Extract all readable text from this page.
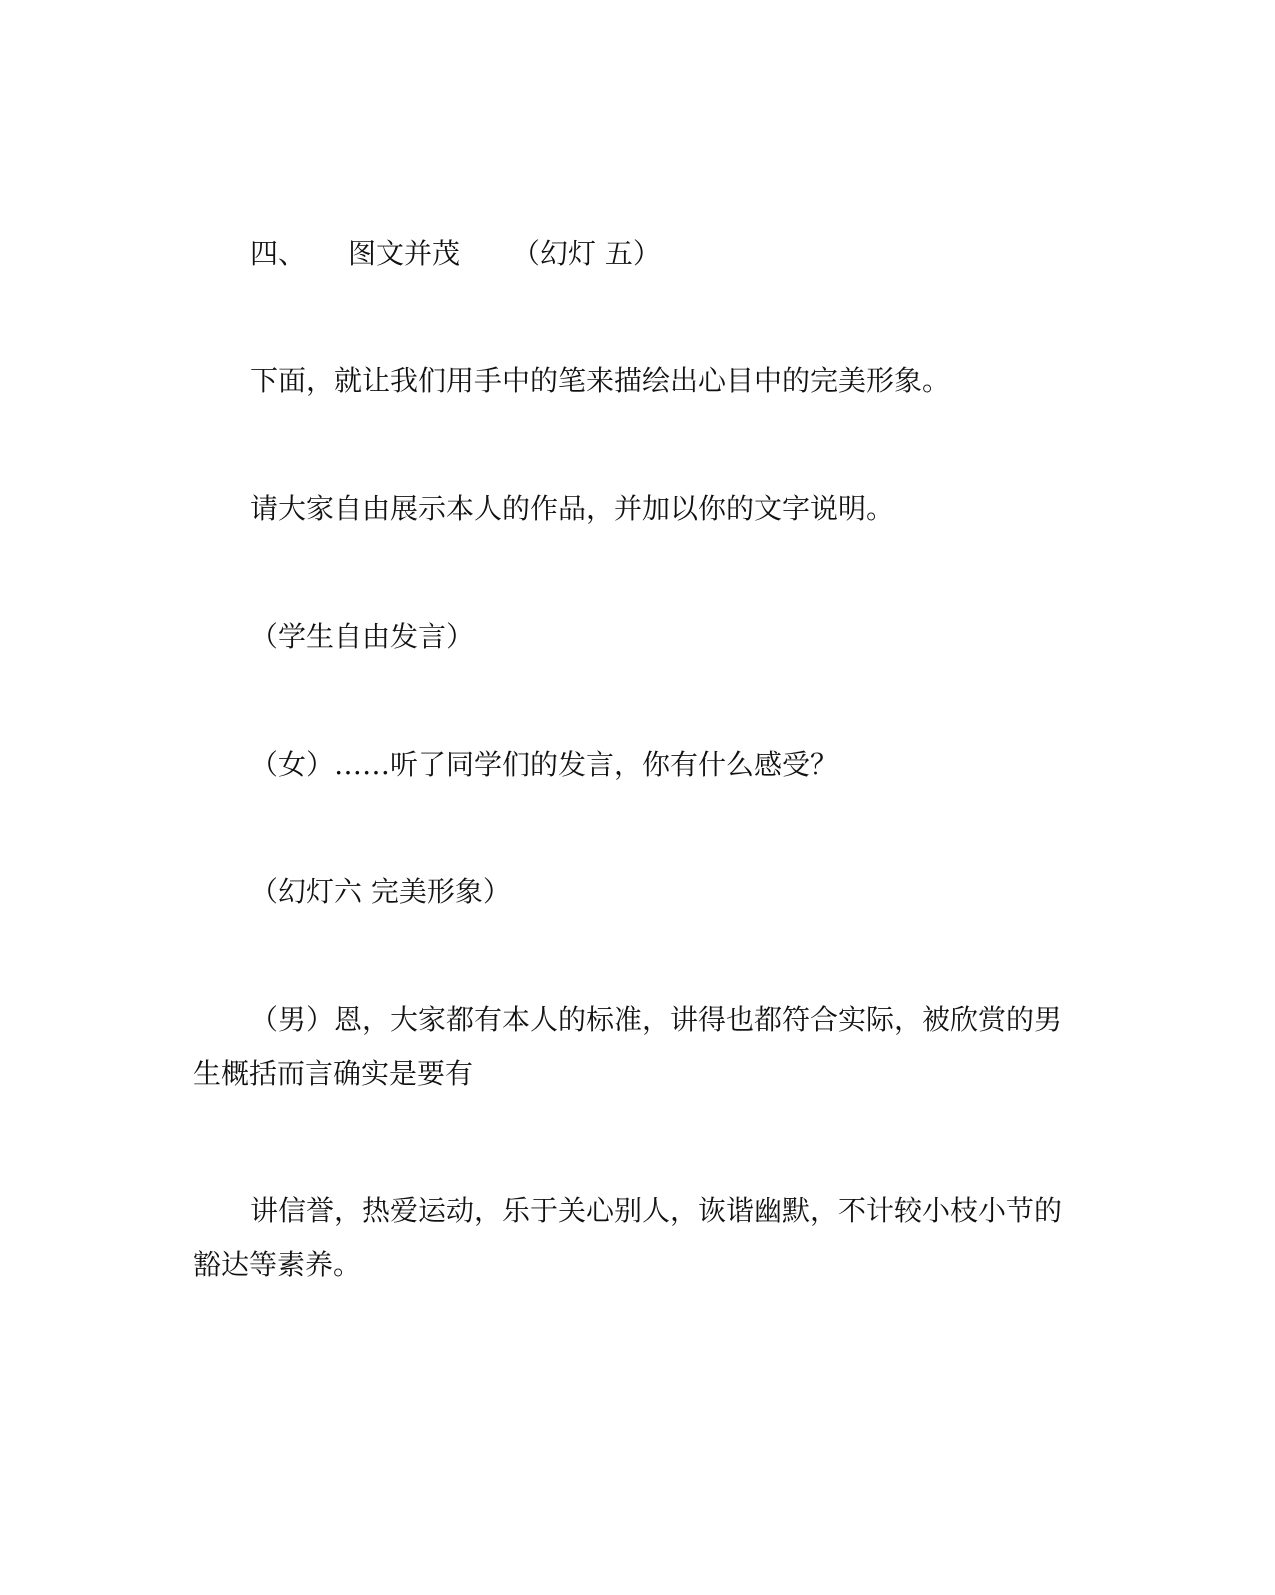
四、 图文并茂 （幻灯 五）
下面，就让我们用手中的笔来描绘出心目中的完美形象。
请大家自由展示本人的作品，并加以你的文字说明。
（学生自由发言）
（女）……听了同学们的发言，你有什么感受？
（幻灯六 完美形象）
（男）恩，大家都有本人的标准，讲得也都符合实际，被欣赏的男生概括而言确实是要有
讲信誉，热爱运动，乐于关心别人，诙谐幽默，不计较小枝小节的豁达等素养。
